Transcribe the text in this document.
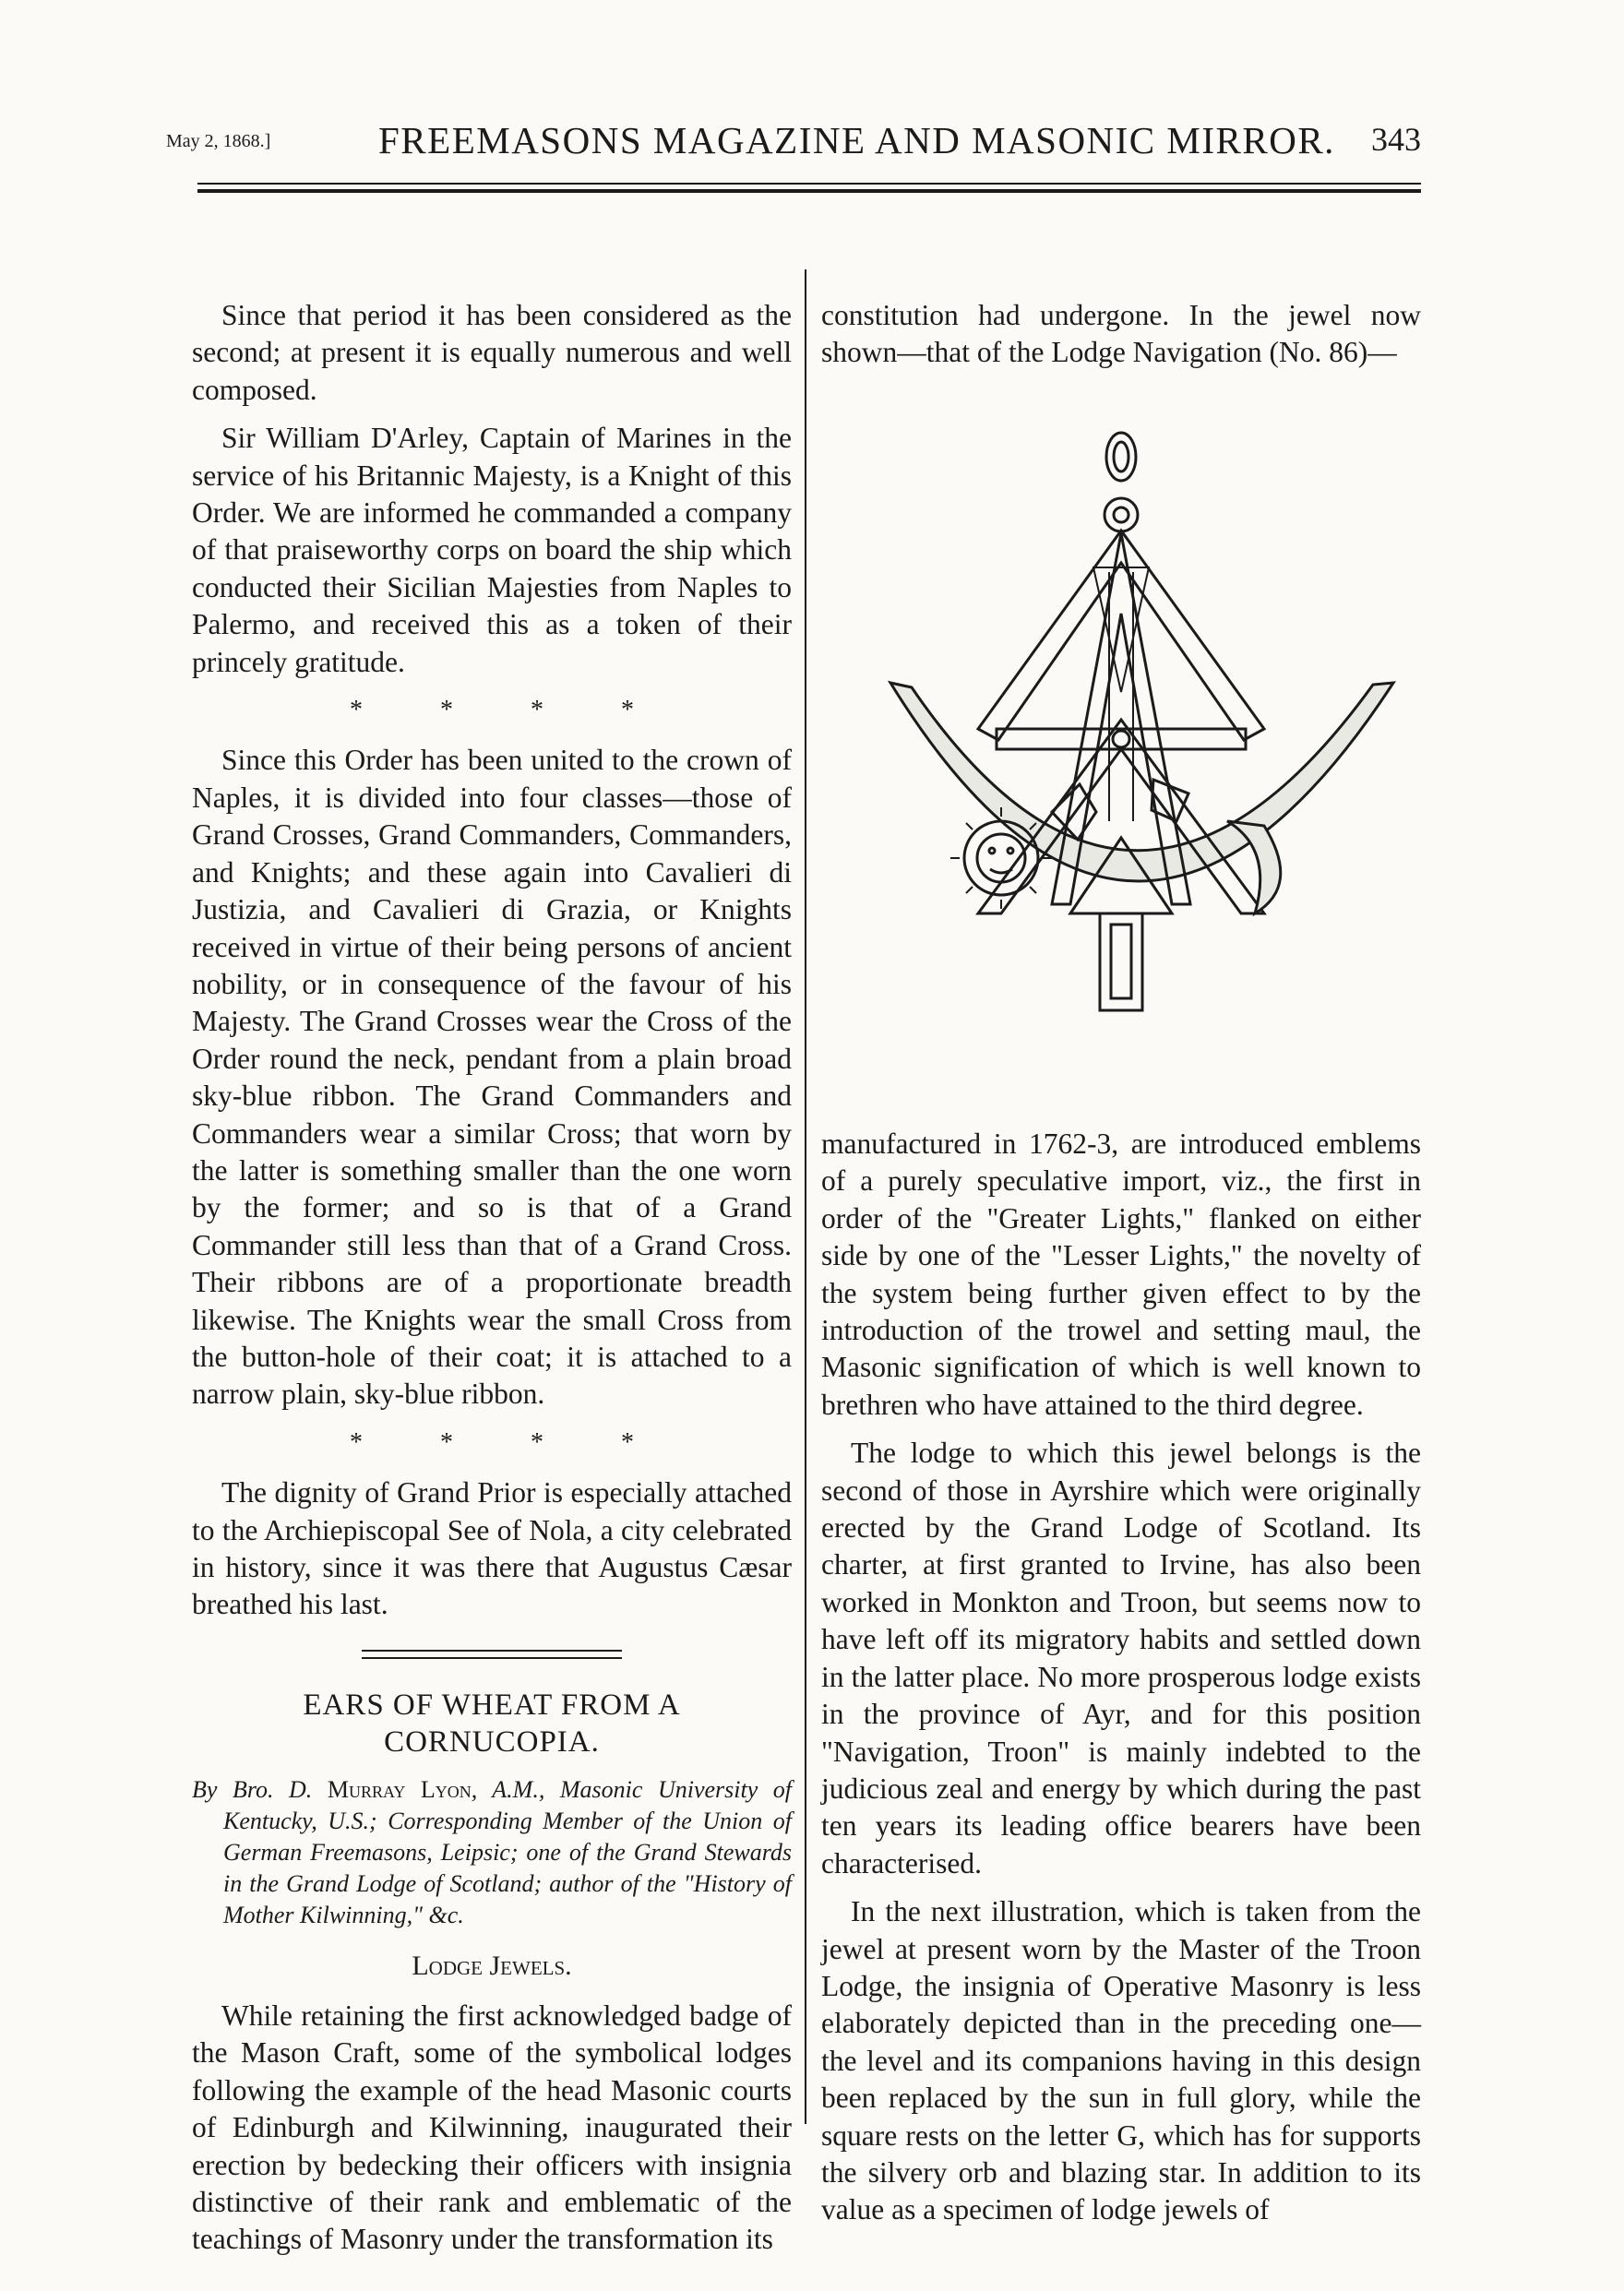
May 2, 1868.]	FREEMASONS MAGAZINE AND MASONIC MIRROR. 343

Since that period it has been considered as the second; at present it is equally numerous and well composed.

Sir William D'Arley, Captain of Marines in the service of his Britannic Majesty, is a Knight of this Order. We are informed he commanded a company of that praiseworthy corps on board the ship which conducted their Sicilian Majesties from Naples to Palermo, and received this as a token of their princely gratitude.

*	*	*	*

Since this Order has been united to the crown of Naples, it is divided into four classes—those of Grand Crosses, Grand Commanders, Commanders, and Knights; and these again into Cavalieri di Justizia, and Cavalieri di Grazia, or Knights received in virtue of their being persons of ancient nobility, or in consequence of the favour of his Majesty. The Grand Crosses wear the Cross of the Order round the neck, pendant from a plain broad sky-blue ribbon. The Grand Commanders and Commanders wear a similar Cross; that worn by the latter is something smaller than the one worn by the former; and so is that of a Grand Commander still less than that of a Grand Cross. Their ribbons are of a proportionate breadth likewise. The Knights wear the small Cross from the button-hole of their coat; it is attached to a narrow plain, sky-blue ribbon.

*	*	*	*

The dignity of Grand Prior is especially attached to the Archiepiscopal See of Nola, a city celebrated in history, since it was there that Augustus Cæsar breathed his last.

EARS OF WHEAT FROM A CORNUCOPIA.
By Bro. D. Murray Lyon, A.M., Masonic University of Kentucky, U.S.; Corresponding Member of the Union of German Freemasons, Leipsic; one of the Grand Stewards in the Grand Lodge of Scotland; author of the "History of Mother Kilwinning," &c.
Lodge Jewels.

While retaining the first acknowledged badge of the Mason Craft, some of the symbolical lodges following the example of the head Masonic courts of Edinburgh and Kilwinning, inaugurated their erection by bedecking their officers with insignia distinctive of their rank and emblematic of the teachings of Masonry under the transformation its

constitution had undergone. In the jewel now shown—that of the Lodge Navigation (No. 86)—

manufactured in 1762-3, are introduced emblems of a purely speculative import, viz., the first in order of the "Greater Lights," flanked on either side by one of the "Lesser Lights," the novelty of the system being further given effect to by the introduction of the trowel and setting maul, the Masonic signification of which is well known to brethren who have attained to the third degree.

The lodge to which this jewel belongs is the second of those in Ayrshire which were originally erected by the Grand Lodge of Scotland. Its charter, at first granted to Irvine, has also been worked in Monkton and Troon, but seems now to have left off its migratory habits and settled down in the latter place. No more prosperous lodge exists in the province of Ayr, and for this position "Navigation, Troon" is mainly indebted to the judicious zeal and energy by which during the past ten years its leading office bearers have been characterised.

In the next illustration, which is taken from the jewel at present worn by the Master of the Troon Lodge, the insignia of Operative Masonry is less elaborately depicted than in the preceding one—the level and its companions having in this design been replaced by the sun in full glory, while the square rests on the letter G, which has for supports the silvery orb and blazing star. In addition to its value as a specimen of lodge jewels of
